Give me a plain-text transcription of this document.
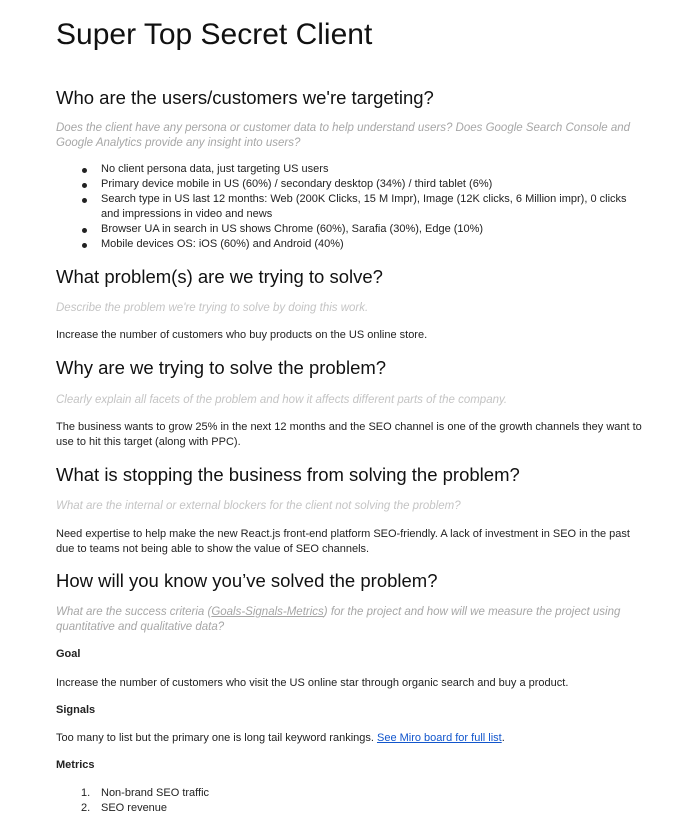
Super Top Secret Client
Who are the users/customers we're targeting?

Does the client have any persona or customer data to help understand users? Does Google Search Console and Google Analytics provide any insight into users?

No client persona data, just targeting US users
Primary device mobile in US (60%) / secondary desktop (34%) / third tablet (6%)
Search type in US last 12 months: Web (200K Clicks, 15 M Impr), Image (12K clicks, 6 Million impr), 0 clicks and impressions in video and news
Browser UA in search in US shows Chrome (60%), Sarafia (30%), Edge (10%)
Mobile devices OS: iOS (60%) and Android (40%)
What problem(s) are we trying to solve?

Describe the problem we're trying to solve by doing this work.

Increase the number of customers who buy products on the US online store.

Why are we trying to solve the problem?

Clearly explain all facets of the problem and how it affects different parts of the company.

The business wants to grow 25% in the next 12 months and the SEO channel is one of the growth channels they want to use to hit this target (along with PPC).

What is stopping the business from solving the problem?

What are the internal or external blockers for the client not solving the problem?

Need expertise to help make the new React.js front-end platform SEO-friendly. A lack of investment in SEO in the past due to teams not being able to show the value of SEO channels.

How will you know you’ve solved the problem?

What are the success criteria (Goals-Signals-Metrics) for the project and how will we measure the project using quantitative and qualitative data?

Goal

Increase the number of customers who visit the US online star through organic search and buy a product.

Signals

Too many to list but the primary one is long tail keyword rankings. See Miro board for full list.

Metrics

1. Non-brand SEO traffic
2. SEO revenue
